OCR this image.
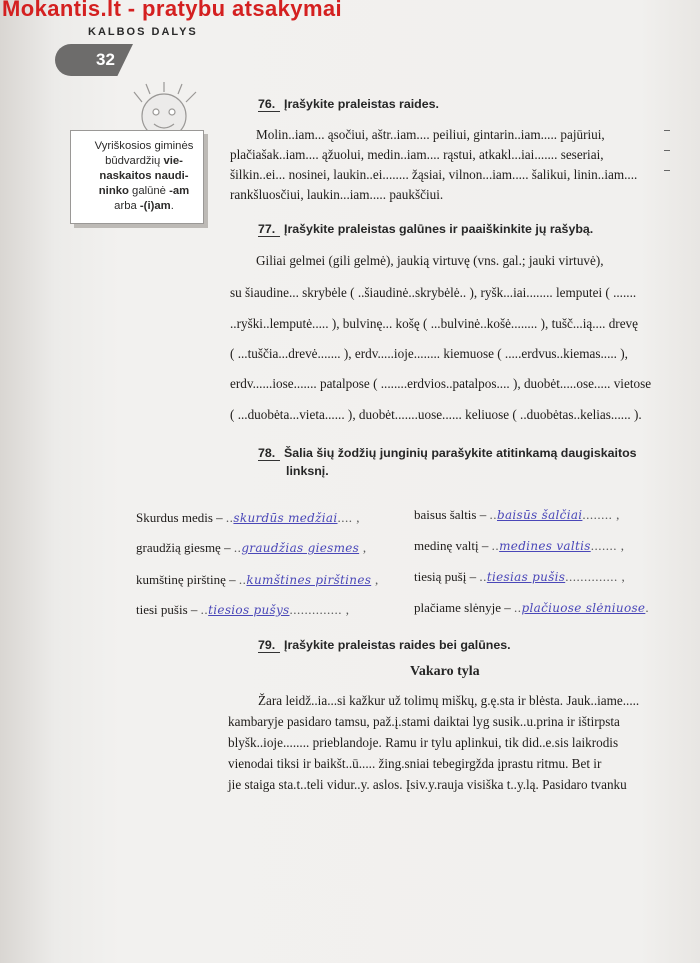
Mokantis.lt - pratybu atsakymai

KALBOS DALYS
32
Vyriškosios giminės būdvardžių vie-naskaitos naudi-ninko galūnė -am arba -(i)am.
76. Įrašykite praleistas raides.
Molin..iam... ąsočiui, aštr..iam.... peiliui, gintarin..iam..... pajūriui,
plačiašak..iam.... ąžuolui, medin..iam.... rąstui, atkakl...iai....... seseriai,
šilkin..ei... nosinei, laukin..ei........ žąsiai, vilnon...iam..... šalikui, linin..iam....
rankšluosčiui, laukin...iam..... paukščiui.
77. Įrašykite praleistas galūnes ir paaiškinkite jų rašybą.
Giliai gelmei (gili gelmė), jaukią virtuvę (vns. gal.; jauki virtuvė),
su šiaudine... skrybėle ( ..šiaudinė..skrybėlė.. ), ryšk...iai........ lemputei ( .......
..ryški..lemputė..... ), bulvinę... košę ( ...bulvinė..košė........ ), tušč...ią.... drevę
( ...tuščia...drevė....... ), erdv.....ioje........ kiemuose ( .....erdvus..kiemas..... ),
erdv......iose....... patalpose ( ........erdvios..patalpos.... ), duobėt.....ose..... vietose
( ...duobėta...vieta...... ), duobėt.......uose...... keliuose ( ..duobėtas..kelias...... ).
78. Šalia šių žodžių junginių parašykite atitinkamą daugiskaitos
linksnį.
Skurdus medis – ..skurdūs medžiai.... ,	baisus šaltis – ..baisūs šalčiai........ ,
graudžią giesmę – ..graudžias giesmes ,	medinę valtį – ..medines valtis....... ,
kumštinę pirštinę – ..kumštines pirštines ,	tiesią pušį – ..tiesias pušis.............. ,
tiesi pušis – ..tiesios pušys.............. ,	plačiame slėnyje – ..plačiuose slėniuose.
79. Įrašykite praleistas raides bei galūnes.
Vakaro tyla
Žara leidž..ia...si kažkur už tolimų miškų, g.ę.sta ir blėsta. Jauk..iame.....
kambaryje pasidaro tamsu, paž.į.stami daiktai lyg susik..u.prina ir ištirpsta
blyšk..ioje........ prieblandoje. Ramu ir tylu aplinkui, tik did..e.sis laikrodis
vienodai tiksi ir baikšt..ū..... žing.sniai tebegirgžda įprastu ritmu. Bet ir
jie staiga sta.t..teli vidur..y. aslos. Įsiv.y.rauja visiška t..y.lą. Pasidaro tvanku
